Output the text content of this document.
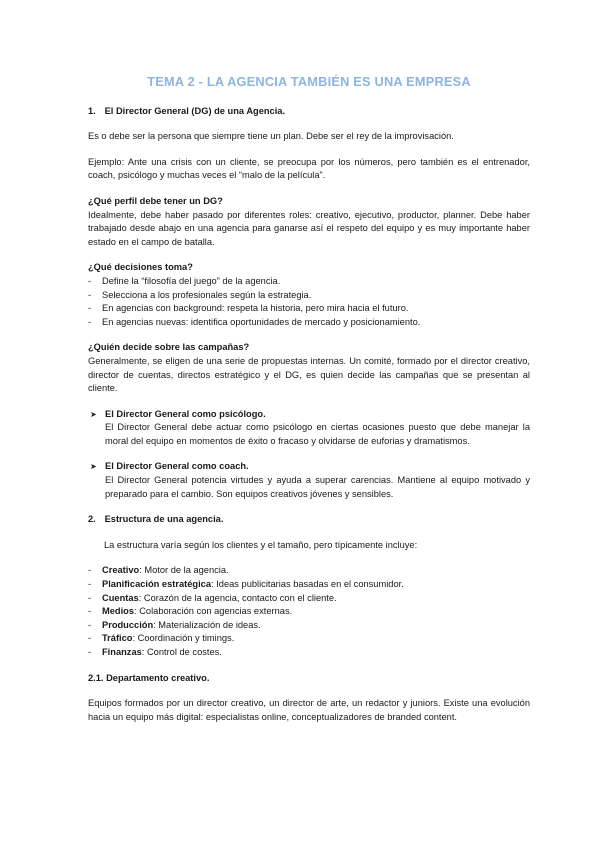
TEMA 2 - LA AGENCIA TAMBIÉN ES UNA EMPRESA
1. El Director General (DG) de una Agencia.

Es o debe ser la persona que siempre tiene un plan. Debe ser el rey de la improvisación.

Ejemplo: Ante una crisis con un cliente, se preocupa por los números, pero también es el entrenador, coach, psicólogo y muchas veces el “malo de la película”.

¿Qué perfil debe tener un DG?

Idealmente, debe haber pasado por diferentes roles: creativo, ejecutivo, productor, planner. Debe haber trabajado desde abajo en una agencia para ganarse así el respeto del equipo y es muy importante haber estado en el campo de batalla.

¿Qué decisiones toma?

- Define la “filosofía del juego” de la agencia.
- Selecciona a los profesionales según la estrategia.
- En agencias con background: respeta la historia, pero mira hacia el futuro.
- En agencias nuevas: identifica oportunidades de mercado y posicionamiento.

¿Quién decide sobre las campañas?

Generalmente, se eligen de una serie de propuestas internas. Un comité, formado por el director creativo, director de cuentas, directos estratégico y el DG, es quien decide las campañas que se presentan al cliente.

➤ El Director General como psicólogo.

El Director General debe actuar como psicólogo en ciertas ocasiones puesto que debe manejar la moral del equipo en momentos de éxito o fracaso y olvidarse de euforias y dramatismos.

➤ El Director General como coach.

El Director General potencia virtudes y ayuda a superar carencias. Mantiene al equipo motivado y preparado para el cambio. Son equipos creativos jóvenes y sensibles.

2. Estructura de una agencia.

La estructura varía según los clientes y el tamaño, pero típicamente incluye:

- Creativo: Motor de la agencia.
- Planificación estratégica: Ideas publicitarias basadas en el consumidor.
- Cuentas: Corazón de la agencia, contacto con el cliente.
- Medios: Colaboración con agencias externas.
- Producción: Materialización de ideas.
- Tráfico: Coordinación y timings.
- Finanzas: Control de costes.

2.1. Departamento creativo.

Equipos formados por un director creativo, un director de arte, un redactor y juniors. Existe una evolución hacia un equipo más digital: especialistas online, conceptualizadores de branded content.
